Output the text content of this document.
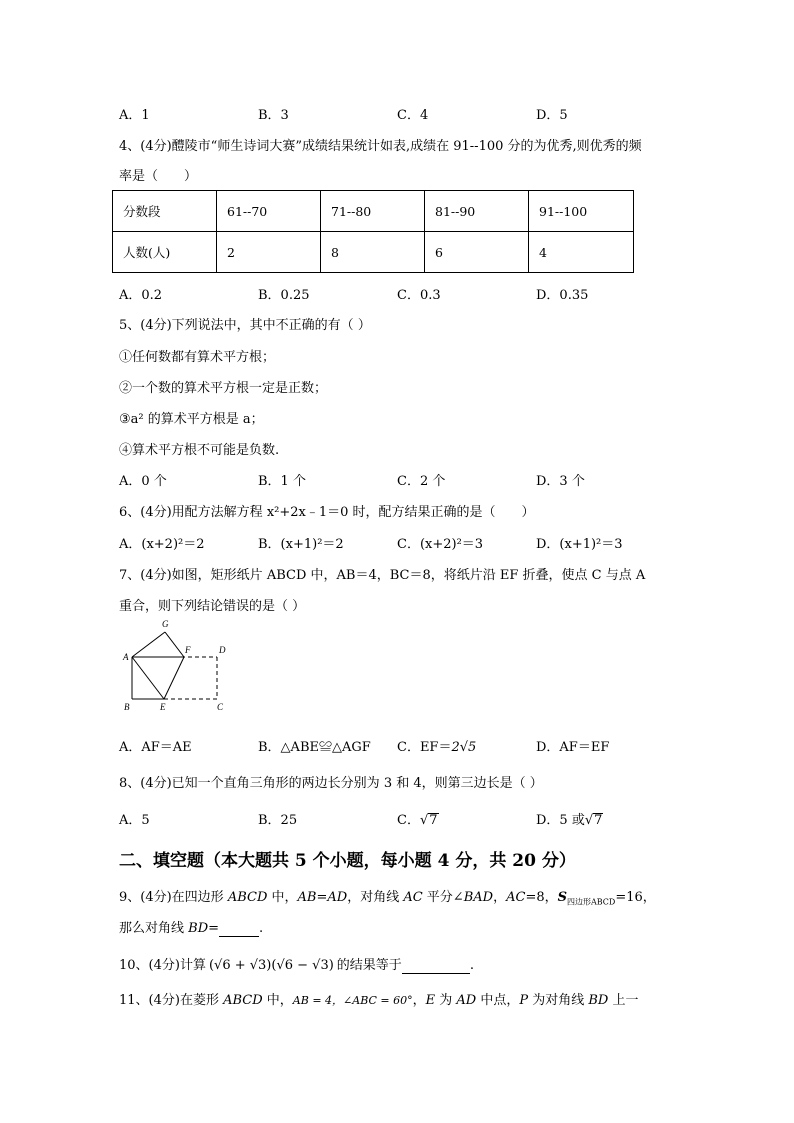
A．1	B．3	C．4	D．5
4、(4分)醴陵市“师生诗词大赛”成绩结果统计如表,成绩在 91--100 分的为优秀,则优秀的频
率是（　　）
分数段	61--70	71--80	81--90	91--100
人数(人)	2	8	6	4
A．0.2	B．0.25	C．0.3	D．0.35
5、(4分)下列说法中，其中不正确的有（ ）
①任何数都有算术平方根；
②一个数的算术平方根一定是正数；
③a² 的算术平方根是 a；
④算术平方根不可能是负数.
A．0 个	B．1 个	C．2 个	D．3 个
6、(4分)用配方法解方程 x²+2x﹣1＝0 时，配方结果正确的是（　　）
A．(x+2)²＝2	B．(x+1)²＝2	C．(x+2)²＝3	D．(x+1)²＝3
7、(4分)如图，矩形纸片 ABCD 中，AB＝4，BC＝8，将纸片沿 EF 折叠，使点 C 与点 A
重合，则下列结论错误的是（ ）
G
A
F	D
B	E	C
A．AF＝AE	B．△ABE≌△AGF C．EF＝2√5	D．AF＝EF
8、(4分)已知一个直角三角形的两边长分别为 3 和 4，则第三边长是（ ）
A．5	B．25	C．√7	D．5 或√7
二、填空题（本大题共 5 个小题，每小题 4 分，共 20 分）
9、(4分)在四边形 ABCD 中，AB=AD，对角线 AC 平分∠BAD，AC=8，$S_{四边形ABCD}=16$，
那么对角线 BD=	.
10、(4分)计算 (√6 + √3)(√6 − √3) 的结果等于	.
11、(4分)在菱形 ABCD 中，AB = 4，∠ABC = 60°，E 为 AD 中点，P 为对角线 BD 上一
